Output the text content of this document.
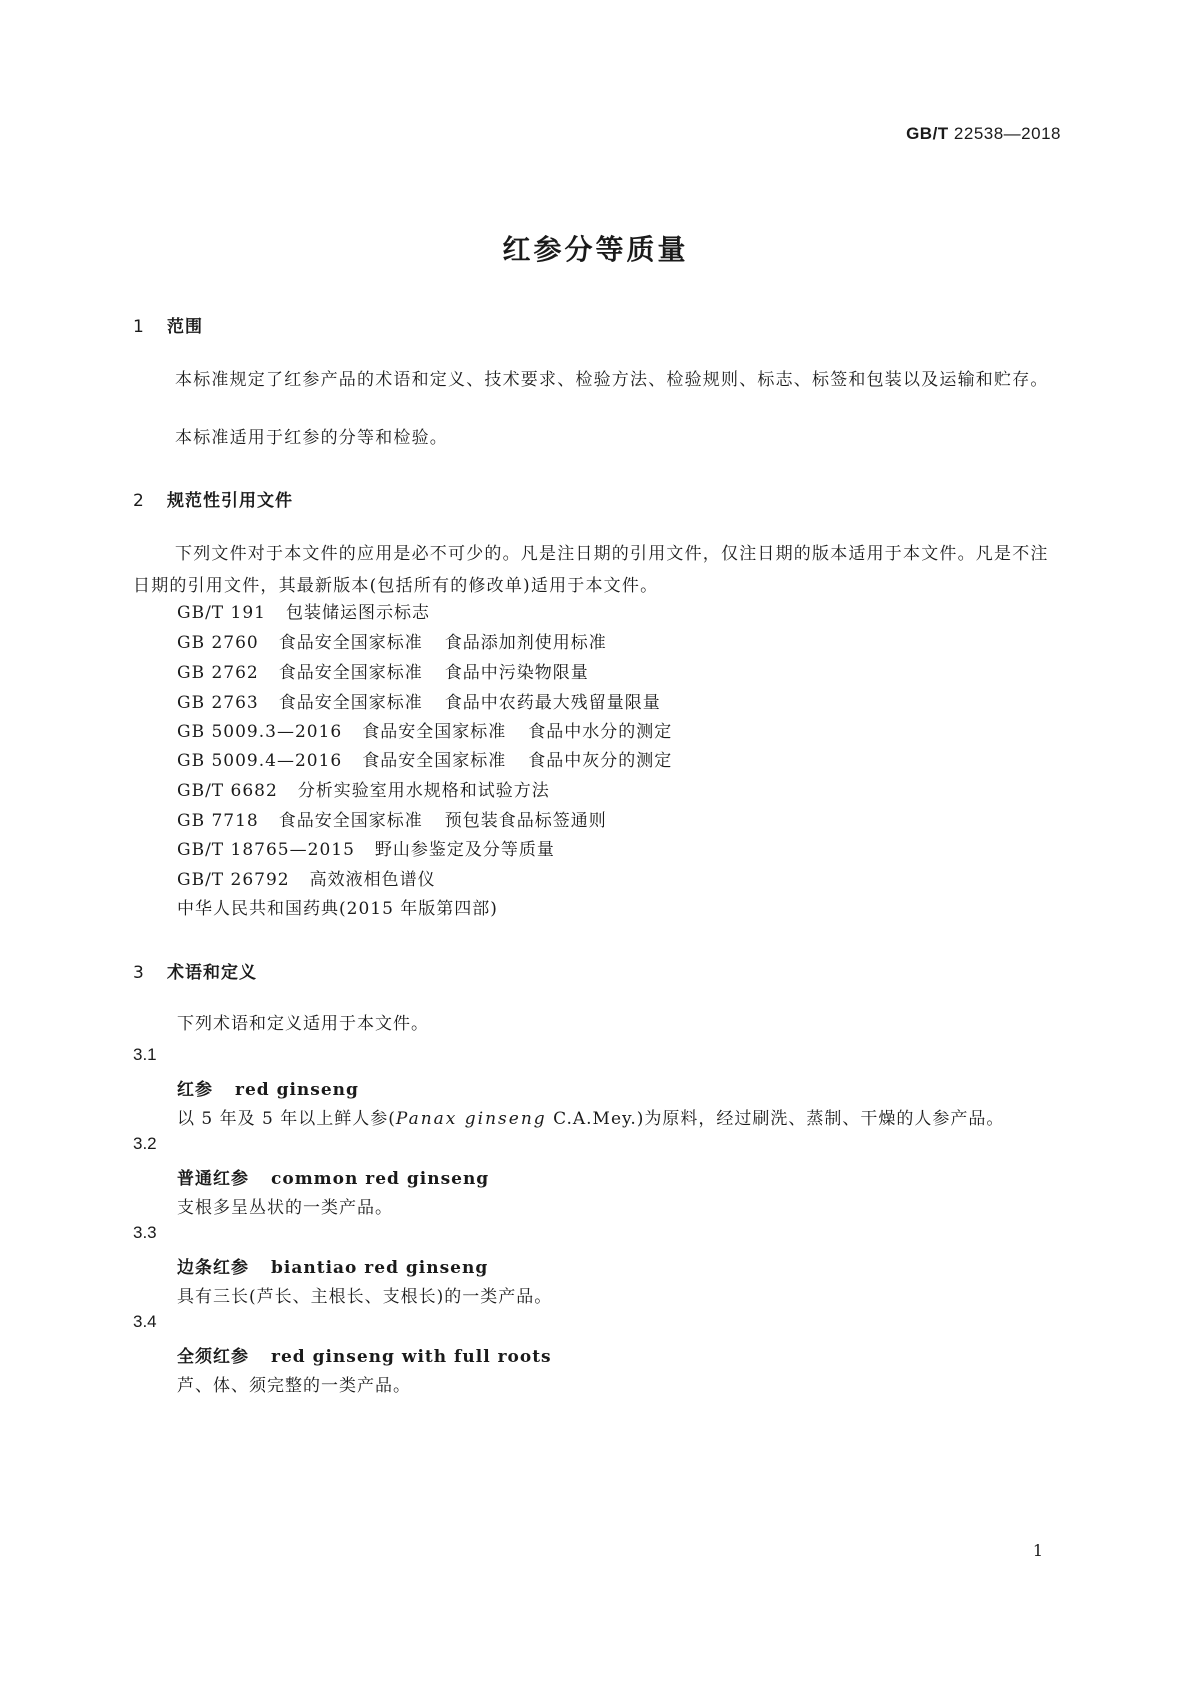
GB/T 22538—2018
红参分等质量
1 范围

本标准规定了红参产品的术语和定义、技术要求、检验方法、检验规则、标志、标签和包装以及运输和贮存。

本标准适用于红参的分等和检验。

2 规范性引用文件

下列文件对于本文件的应用是必不可少的。凡是注日期的引用文件，仅注日期的版本适用于本文件。凡是不注日期的引用文件，其最新版本(包括所有的修改单)适用于本文件。

GB/T 191 包装储运图示标志
GB 2760 食品安全国家标准 食品添加剂使用标准
GB 2762 食品安全国家标准 食品中污染物限量
GB 2763 食品安全国家标准 食品中农药最大残留量限量
GB 5009.3—2016 食品安全国家标准 食品中水分的测定
GB 5009.4—2016 食品安全国家标准 食品中灰分的测定
GB/T 6682 分析实验室用水规格和试验方法
GB 7718 食品安全国家标准 预包装食品标签通则
GB/T 18765—2015 野山参鉴定及分等质量
GB/T 26792 高效液相色谱仪
中华人民共和国药典(2015 年版第四部)
3 术语和定义
下列术语和定义适用于本文件。
3.1
红参 red ginseng
以 5 年及 5 年以上鲜人参(Panax ginseng C.A.Mey.)为原料，经过刷洗、蒸制、干燥的人参产品。
3.2
普通红参 common red ginseng
支根多呈丛状的一类产品。
3.3
边条红参 biantiao red ginseng
具有三长(芦长、主根长、支根长)的一类产品。
3.4
全须红参 red ginseng with full roots
芦、体、须完整的一类产品。
1
